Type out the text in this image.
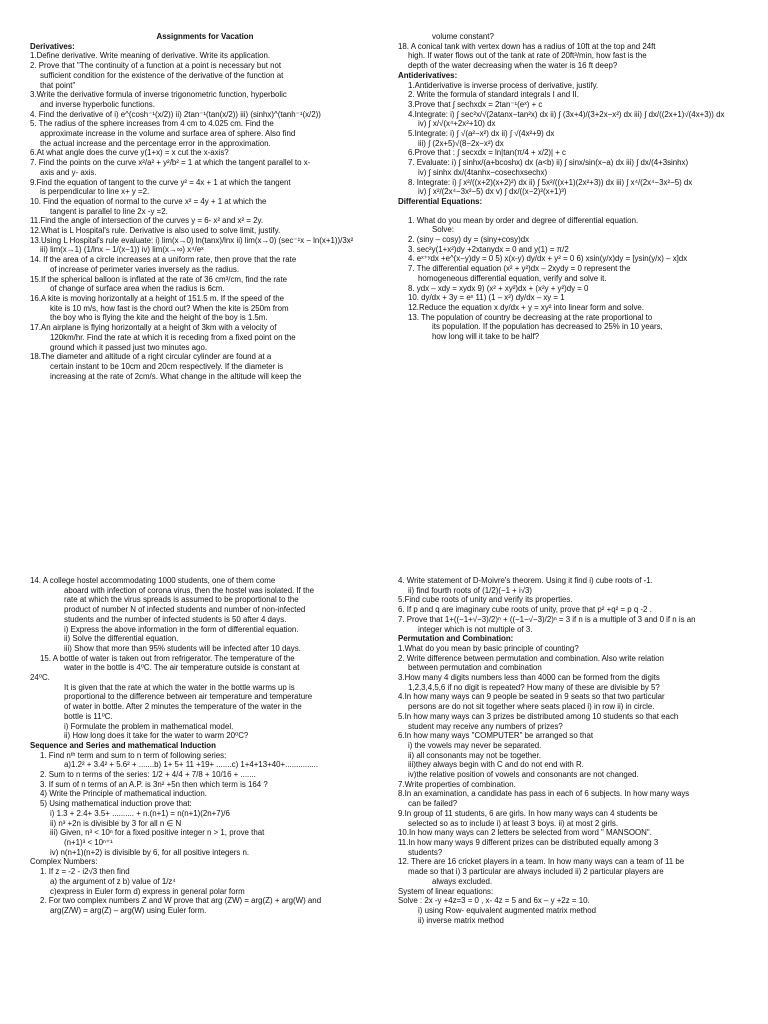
Assignments for Vacation
Derivatives:
1.Define derivative. Write meaning of derivative. Write its application.
2. Prove that "The continuity of a function at a point is necessary but not
sufficient condition for the existence of the derivative of the function at
that point"
3.Write the derivative formula of inverse trigonometric function, hyperbolic
and inverse hyperbolic functions.
4. Find the derivative of i) e^(cosh⁻¹(x/2)) ii) 2tan⁻¹(tan(x/2)) iii) (sinhx)^(tanh⁻¹(x/2))
5. The radius of the sphere increases from 4 cm to 4.025 cm. Find the
approximate increase in the volume and surface area of sphere. Also find
the actual increase and the percentage error in the approximation.
6.At what angle does the curve y(1+x) = x cut the x-axis?
7. Find the points on the curve x²/a² + y²/b² = 1 at which the tangent parallel to x-
axis and y- axis.
9.Find the equation of tangent to the curve y² = 4x + 1 at which the tangent
is perpendicular to line x+ y =2.
10. Find the equation of normal to the curve x² = 4y + 1 at which the
tangent is parallel to line 2x -y =2.
11.Find the angle of intersection of the curves y = 6- x² and x² = 2y.
12.What is L Hospital's rule. Derivative is also used to solve limit, justify.
13.Using L Hospital's rule evaluate: i) lim(x→0) ln(tanx)/lnx ii) lim(x→0) (sec⁻¹x − ln(x+1))/3x²
iii) lim(x→1) (1/lnx − 1/(x−1)) iv) lim(x→∞) x⁴/eˣ
14. If the area of a circle increases at a uniform rate, then prove that the rate
of increase of perimeter varies inversely as the radius.
15.If the spherical balloon is inflated at the rate of 36 cm³/cm, find the rate
of change of surface area when the radius is 6cm.
16.A kite is moving horizontally at a height of 151.5 m. If the speed of the
kite is 10 m/s, how fast is the chord out? When the kite is 250m from
the boy who is flying the kite and the height of the boy is 1.5m.
17.An airplane is flying horizontally at a height of 3km with a velocity of
120km/hr. Find the rate at which it is receding from a fixed point on the
ground which it passed just two minutes ago.
18.The diameter and altitude of a right circular cylinder are found at a
certain instant to be 10cm and 20cm respectively. If the diameter is
increasing at the rate of 2cm/s. What change in the altitude will keep the
volume constant?
18. A conical tank with vertex down has a radius of 10ft at the top and 24ft
high. If water flows out of the tank at rate of 20ft³/min, how fast is the
depth of the water decreasing when the water is 16 ft deep?
Antiderivatives:
1.Antiderivative is inverse process of derivative, justify.
2. Write the formula of standard integrals I and II.
3.Prove that ∫ sechxdx = 2tan⁻¹(eˣ) + c
4.Integrate: i) ∫ sec²x/√(2atanx−tan²x) dx ii) ∫ (3x+4)/(3+2x−x²) dx iii) ∫ dx/((2x+1)√(4x+3)) dx
iv) ∫ x/√(x⁴+2x²+10) dx
5.Integrate: i) ∫ √(a²−x²) dx ii) ∫ √(4x²+9) dx
iii) ∫ (2x+5)√(8−2x−x²) dx
6.Prove that : ∫ secxdx = ln|tan(π/4 + x/2)| + c
7. Evaluate: i) ∫ sinhx/(a+bcoshx) dx (a<b) ii) ∫ sinx/sin(x−a) dx iii) ∫ dx/(4+3sinhx)
iv) ∫ sinhx dx/(4tanhx−cosechxsechx)
8. Integrate: i) ∫ x²/((x+2)(x+2)²) dx ii) ∫ 5x²/((x+1)(2x²+3)) dx iii) ∫ x⁴/(2x⁴−3x²−5) dx
iv) ∫ x²/(2x⁴−3x²−5) dx v) ∫ dx/((x−2)²(x+1)³)
Differential Equations:
1. What do you mean by order and degree of differential equation.
Solve:
2. (siny – cosy) dy = (siny+cosy)dx
3. sec²y(1+x²)dy +2xtanydx = 0 and y(1) = π/2
4. eˣ⁺ʸdx +e^(x−y)dy = 0 5) x(x-y) dy/dx + y² = 0 6) xsin(y/x)dy = [ysin(y/x) – x]dx
7. The differential equation (x² + y²)dx – 2xydy = 0 represent the
homogeneous differential equation, verify and solve it.
8. ydx – xdy = xydx 9) (x² + xy²)dx + (x²y + y²)dy = 0
10. dy/dx + 3y = eˣ 11) (1 – x²) dy/dx – xy = 1
12.Reduce the equation x dy/dx + y = xy² into linear form and solve.
13. The population of country be decreasing at the rate proportional to
its population. If the population has decreased to 25% in 10 years,
how long will it take to be half?
14. A college hostel accommodating 1000 students, one of them come
aboard with infection of corona virus, then the hostel was isolated. If the
rate at which the virus spreads is assumed to be proportional to the
product of number N of infected students and number of non-infected
students and the number of infected students is 50 after 4 days.
i) Express the above information in the form of differential equation.
ii) Solve the differential equation.
iii) Show that more than 95% students will be infected after 10 days.
15. A bottle of water is taken out from refrigerator. The temperature of the
water in the bottle is 4⁰C. The air temperature outside is constant at
24⁰C.
It is given that the rate at which the water in the bottle warms up is
proportional to the difference between air temperature and temperature
of water in bottle. After 2 minutes the temperature of the water in the
bottle is 11⁰C.
i) Formulate the problem in mathematical model.
ii) How long does it take for the water to warm 20⁰C?
Sequence and Series and mathematical Induction
1. Find nᵗʰ term and sum to n term of following series:
a)1.2² + 3.4² + 5.6² + .......b) 1+ 5+ 11 +19+ .......c) 1+4+13+40+...............
2. Sum to n terms of the series: 1/2 + 4/4 + 7/8 + 10/16 + .......
3. If sum of n terms of an A.P. is 3n² +5n then which term is 164 ?
4) Write the Principle of mathematical induction.
5) Using mathematical induction prove that:
i) 1.3 + 2.4+ 3.5+ .......... + n.(n+1) = n(n+1)(2n+7)/6
ii) n³ +2n is divisible by 3 for all n ∈ N
iii) Given, n³ < 10ⁿ for a fixed positive integer n > 1, prove that
(n+1)³ < 10ⁿ⁺¹
iv) n(n+1)(n+2) is divisible by 6, for all positive integers n.
Complex Numbers:
1. If z = -2 - i2√3 then find
a) the argument of z b) value of 1/z⁴
c)express in Euler form d) express in general polar form
2. For two complex numbers Z and W prove that arg (ZW) = arg(Z) + arg(W) and
arg(Z/W) = arg(Z) – arg(W) using Euler form.
4. Write statement of D-Moivre's theorem. Using it find i) cube roots of -1.
ii) find fourth roots of (1/2)(−1 + i√3)
5.Find cube roots of unity and verify its properties.
6. If p and q are imaginary cube roots of unity, prove that p² +q² = p q -2 .
7. Prove that 1+((−1+√−3)/2)ⁿ + ((−1−√−3)/2)ⁿ = 3 if n is a multiple of 3 and 0 if n is an
integer which is not multiple of 3.
Permutation and Combination:
1.What do you mean by basic principle of counting?
2. Write difference between permutation and combination. Also write relation
between permutation and combination
3.How many 4 digits numbers less than 4000 can be formed from the digits
1,2,3,4,5,6 if no digit is repeated? How many of these are divisible by 5?
4.In how many ways can 9 people be seated in 9 seats so that two particular
persons are do not sit together where seats placed i) in row ii) in circle.
5.In how many ways can 3 prizes be distributed among 10 students so that each
student may receive any numbers of prizes?
6.In how many ways "COMPUTER" be arranged so that
i) the vowels may never be separated.
ii) all consonants may not be together.
iii)they always begin with C and do not end with R.
iv)the relative position of vowels and consonants are not changed.
7.Write properties of combination.
8.In an examination, a candidate has pass in each of 6 subjects. In how many ways
can be failed?
9.In group of 11 students, 6 are girls. In how many ways can 4 students be
selected so as to include i) at least 3 boys. ii) at most 2 girls.
10.In how many ways can 2 letters be selected from word " MANSOON".
11.In how many ways 9 different prizes can be distributed equally among 3
students?
12. There are 16 cricket players in a team. In how many ways can a team of 11 be
made so that i) 3 particular are always included ii) 2 particular players are
always excluded.
System of linear equations:
Solve : 2x -y +4z=3 = 0 , x- 4z = 5 and 6x – y +2z = 10.
i) using Row- equivalent augmented matrix method
ii) inverse matrix method
